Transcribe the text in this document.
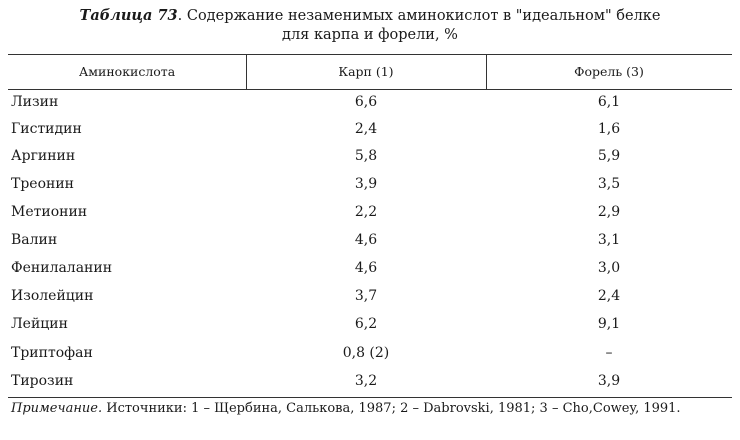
Таблица 73. Содержание незаменимых аминокислот в "идеальном" белке
для карпа и форели, %
Аминокислота	Карп (1)	Форель (3)
Лизин	6,6	6,1
Гистидин	2,4	1,6
Аргинин	5,8	5,9
Треонин	3,9	3,5
Метионин	2,2	2,9
Валин	4,6	3,1
Фенилаланин	4,6	3,0
Изолейцин	3,7	2,4
Лейцин	6,2	9,1
Триптофан	0,8 (2)	–
Тирозин	3,2	3,9
Примечание. Источники: 1 – Щербина, Салькова, 1987; 2 – Dabrovski, 1981; 3 – Cho,Cowey, 1991.
